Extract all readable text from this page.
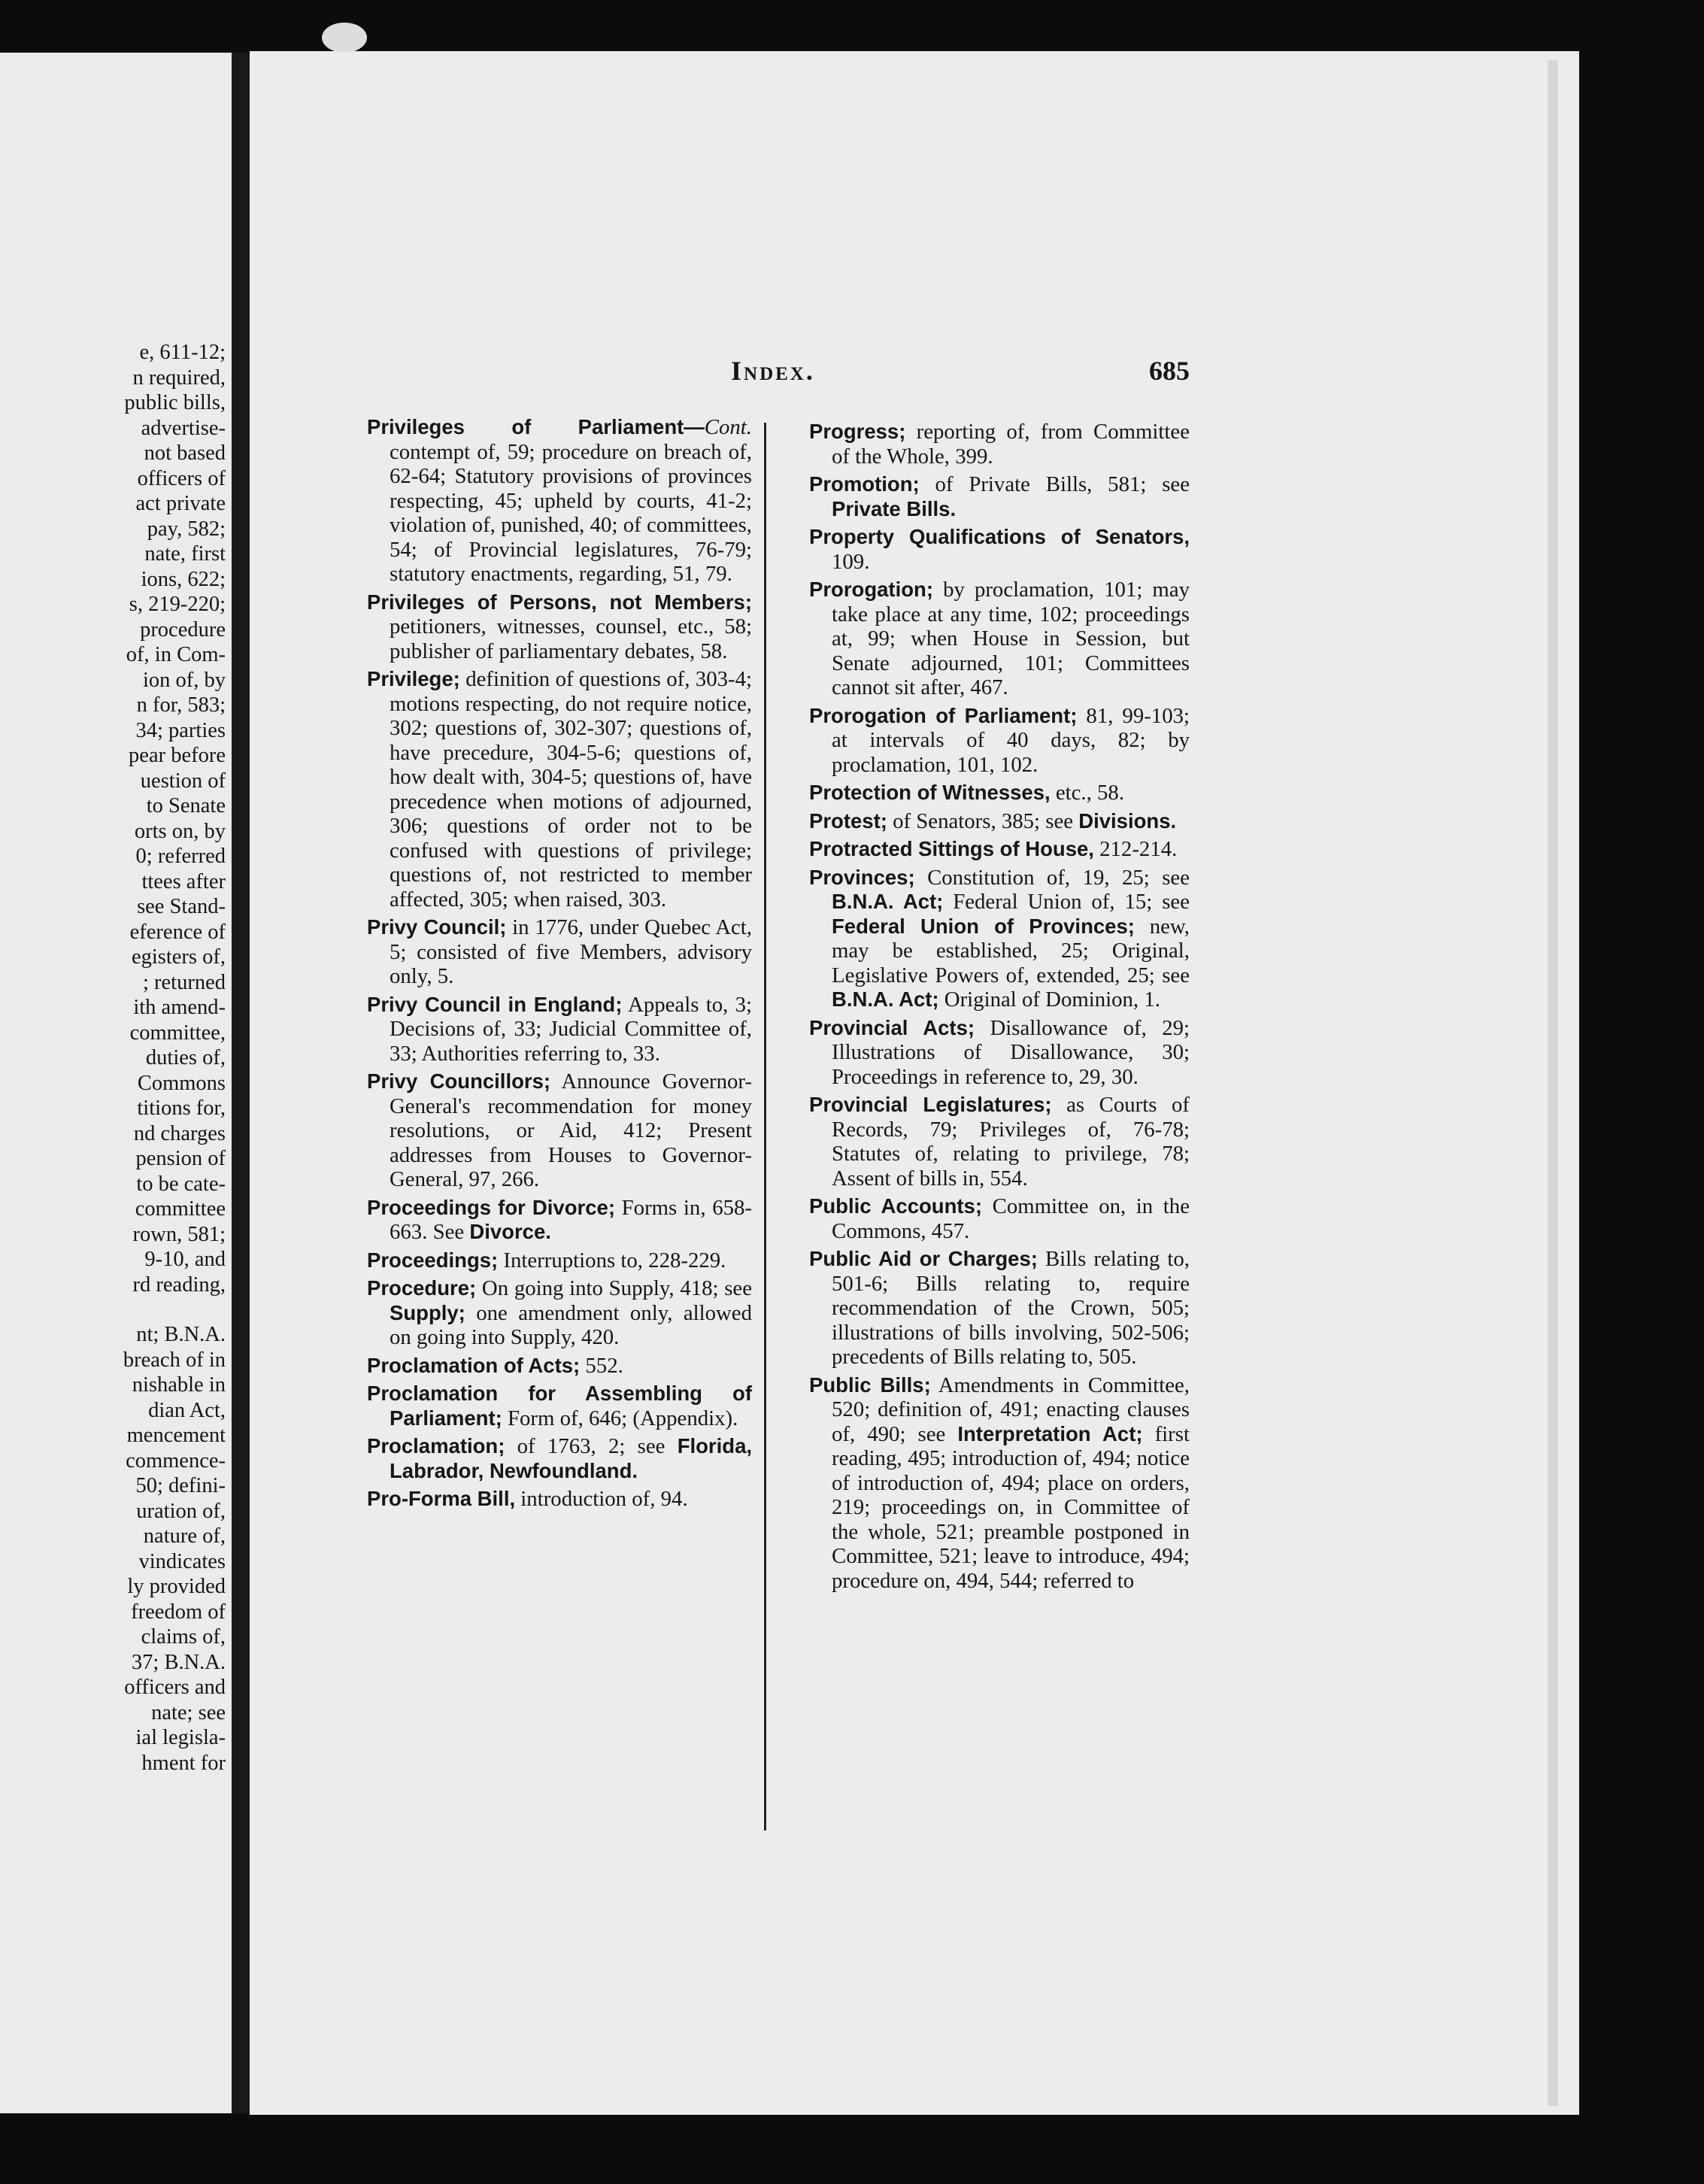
e, 611-12;
n required,
public bills,
advertise-
not based
officers of
act private
pay, 582;
nate, first
ions, 622;
s, 219-220;
procedure
of, in Com-
ion of, by
n for, 583;
34; parties
pear before
uestion of
to Senate
orts on, by
0; referred
ttees after
see Stand-
eference of
egisters of,
; returned
ith amend-
committee,
duties of,
Commons
titions for,
nd charges
pension of
to be cate-
committee
rown, 581;
9-10, and
rd reading,
nt; B.N.A.
breach of in
nishable in
dian Act,
mencement
commence-
50; defini-
uration of,
nature of,
vindicates
ly provided
freedom of
claims of,
37; B.N.A.
officers and
nate; see
ial legisla-
hment for
Index.	685
Privileges of Parliament—Cont. contempt of, 59; procedure on breach of, 62-64; Statutory provisions of provinces respecting, 45; upheld by courts, 41-2; violation of, punished, 40; of committees, 54; of Provincial legislatures, 76-79; statutory enactments, regarding, 51, 79.
Privileges of Persons, not Members; petitioners, witnesses, counsel, etc., 58; publisher of parliamentary debates, 58.
Privilege; definition of questions of, 303-4; motions respecting, do not require notice, 302; questions of, 302-307; questions of, have precedure, 304-5-6; questions of, how dealt with, 304-5; questions of, have precedence when motions of adjourned, 306; questions of order not to be confused with questions of privilege; questions of, not restricted to member affected, 305; when raised, 303.
Privy Council; in 1776, under Quebec Act, 5; consisted of five Members, advisory only, 5.
Privy Council in England; Appeals to, 3; Decisions of, 33; Judicial Committee of, 33; Authorities referring to, 33.
Privy Councillors; Announce Governor-General's recommendation for money resolutions, or Aid, 412; Present addresses from Houses to Governor-General, 97, 266.
Proceedings for Divorce; Forms in, 658-663. See Divorce.
Proceedings; Interruptions to, 228-229.
Procedure; On going into Supply, 418; see Supply; one amendment only, allowed on going into Supply, 420.
Proclamation of Acts; 552.
Proclamation for Assembling of Parliament; Form of, 646; (Appendix).
Proclamation; of 1763, 2; see Florida, Labrador, Newfoundland.
Pro-Forma Bill, introduction of, 94.
Progress; reporting of, from Committee of the Whole, 399.
Promotion; of Private Bills, 581; see Private Bills.
Property Qualifications of Senators, 109.
Prorogation; by proclamation, 101; may take place at any time, 102; proceedings at, 99; when House in Session, but Senate adjourned, 101; Committees cannot sit after, 467.
Prorogation of Parliament; 81, 99-103; at intervals of 40 days, 82; by proclamation, 101, 102.
Protection of Witnesses, etc., 58.
Protest; of Senators, 385; see Divisions.
Protracted Sittings of House, 212-214.
Provinces; Constitution of, 19, 25; see B.N.A. Act; Federal Union of, 15; see Federal Union of Provinces; new, may be established, 25; Original, Legislative Powers of, extended, 25; see B.N.A. Act; Original of Dominion, 1.
Provincial Acts; Disallowance of, 29; Illustrations of Disallowance, 30; Proceedings in reference to, 29, 30.
Provincial Legislatures; as Courts of Records, 79; Privileges of, 76-78; Statutes of, relating to privilege, 78; Assent of bills in, 554.
Public Accounts; Committee on, in the Commons, 457.
Public Aid or Charges; Bills relating to, 501-6; Bills relating to, require recommendation of the Crown, 505; illustrations of bills involving, 502-506; precedents of Bills relating to, 505.
Public Bills; Amendments in Committee, 520; definition of, 491; enacting clauses of, 490; see Interpretation Act; first reading, 495; introduction of, 494; notice of introduction of, 494; place on orders, 219; proceedings on, in Committee of the whole, 521; preamble postponed in Committee, 521; leave to introduce, 494; procedure on, 494, 544; referred to
